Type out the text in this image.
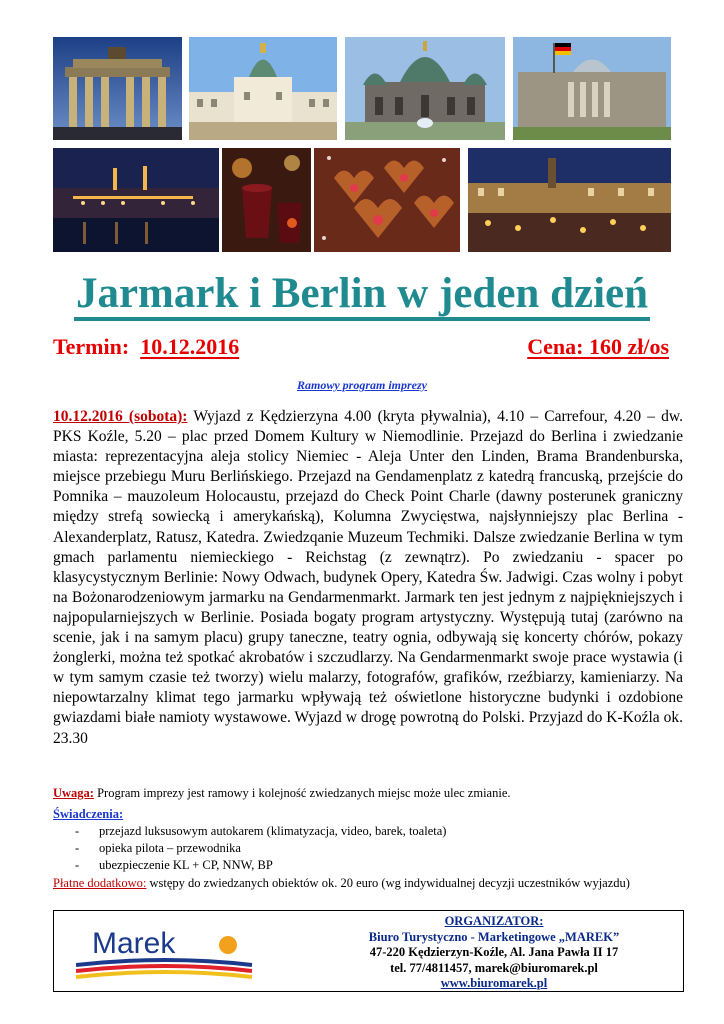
Jarmark i Berlin w jeden dzień
Termin: 10.12.2016	Cena: 160 zł/os
Ramowy program imprezy
10.12.2016 (sobota): Wyjazd z Kędzierzyna 4.00 (kryta pływalnia), 4.10 – Carrefour, 4.20 – dw. PKS Koźle, 5.20 – plac przed Domem Kultury w Niemodlinie. Przejazd do Berlina i zwiedzanie miasta: reprezentacyjna aleja stolicy Niemiec - Aleja Unter den Linden, Brama Brandenburska, miejsce przebiegu Muru Berlińskiego. Przejazd na Gendamenplatz z katedrą francuską, przejście do Pomnika – mauzoleum Holocaustu, przejazd do Check Point Charle (dawny posterunek graniczny między strefą sowiecką i amerykańską), Kolumna Zwycięstwa, najsłynniejszy plac Berlina - Alexanderplatz, Ratusz, Katedra. Zwiedzqanie Muzeum Techmiki. Dalsze zwiedzanie Berlina w tym gmach parlamentu niemieckiego - Reichstag (z zewnątrz). Po zwiedzaniu - spacer po klasycystycznym Berlinie: Nowy Odwach, budynek Opery, Katedra Św. Jadwigi. Czas wolny i pobyt na Bożonarodzeniowym jarmarku na Gendarmenmarkt. Jarmark ten jest jednym z najpiękniejszych i najpopularniejszych w Berlinie. Posiada bogaty program artystyczny. Występują tutaj (zarówno na scenie, jak i na samym placu) grupy taneczne, teatry ognia, odbywają się koncerty chórów, pokazy żonglerki, można też spotkać akrobatów i szczudlarzy. Na Gendarmenmarkt swoje prace wystawia (i w tym samym czasie też tworzy) wielu malarzy, fotografów, grafików, rzeźbiarzy, kamieniarzy. Na niepowtarzalny klimat tego jarmarku wpływają też oświetlone historyczne budynki i ozdobione gwiazdami białe namioty wystawowe. Wyjazd w drogę powrotną do Polski. Przyjazd do K-Koźla ok. 23.30
Uwaga: Program imprezy jest ramowy i kolejność zwiedzanych miejsc może ulec zmianie.
Świadczenia:
-	przejazd luksusowym autokarem (klimatyzacja, video, barek, toaleta)
-	opieka pilota – przewodnika
-	ubezpieczenie KL + CP, NNW, BP
Płatne dodatkowo: wstępy do zwiedzanych obiektów ok. 20 euro (wg indywidualnej decyzji uczestników wyjazdu)
Marek
ORGANIZATOR:
Biuro Turystyczno - Marketingowe „MAREK”
47-220 Kędzierzyn-Koźle, Al. Jana Pawła II 17
tel. 77/4811457, marek@biuromarek.pl
www.biuromarek.pl
